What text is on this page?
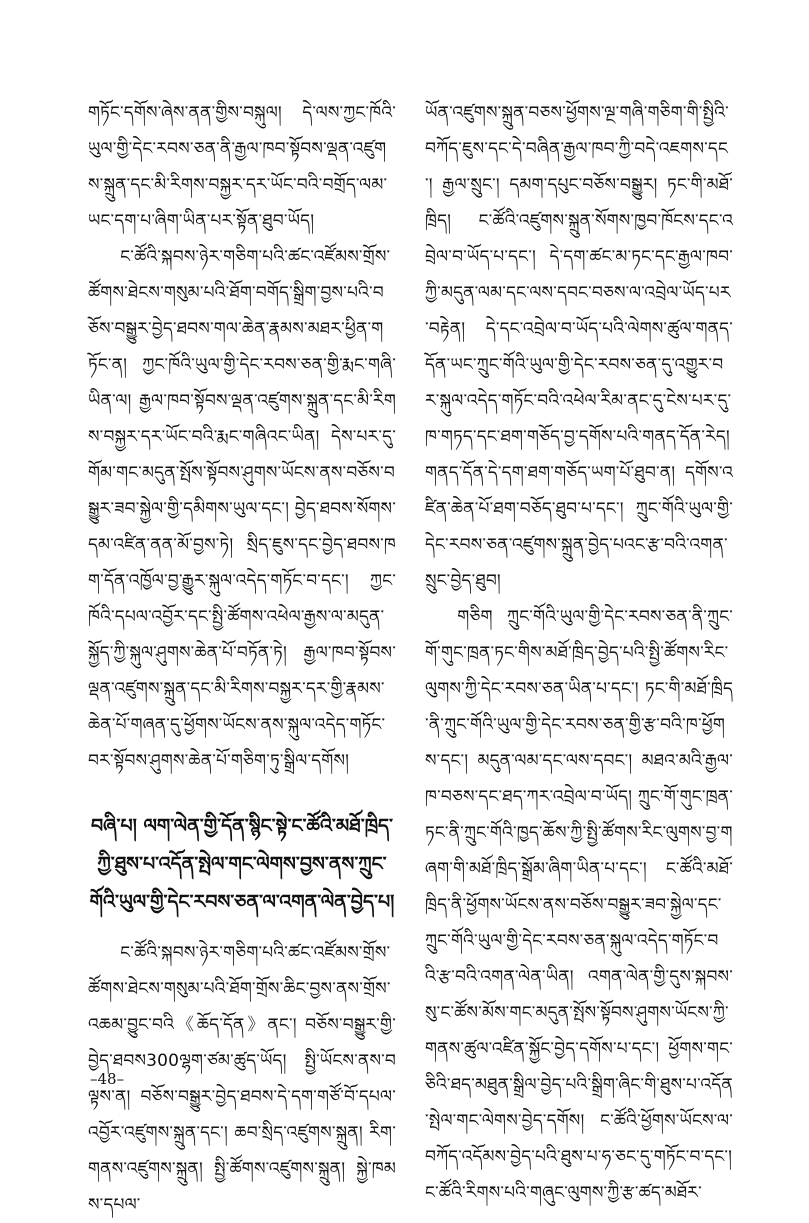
གཏོང་དགོས་ཞེས་ནན་གྱིས་བསྐུལ། དེ་ལས་ཀྱང་ཁོའི་ཡུལ་གྱི་དེང་རབས་ཅན་ནི་རྒྱལ་ཁབ་སྟོབས་ལྡན་འཛུགས་སྐྲུན་དང་མི་རིགས་བསྐྱར་དར་ཡོང་བའི་བགྲོད་ལམ་ཡང་དག་པ་ཞིག་ཡིན་པར་སྟོན་ཐུབ་ཡོད།

ང་ཚོའི་སྐབས་ཉེར་གཅིག་པའི་ཚང་འཛོམས་གྲོས་ཚོགས་ཐེངས་གསུམ་པའི་ཐོག་བགོད་སྒྲིག་བྱས་པའི་བཅོས་བསྒྱུར་བྱེད་ཐབས་གལ་ཆེན་རྣམས་མཐར་ཕྱིན་གཏོང་ན། ཀྱང་ཁོའི་ཡུལ་གྱི་དེང་རབས་ཅན་གྱི་རྨང་གཞི་ཡིན་ལ། རྒྱལ་ཁབ་སྟོབས་ལྡན་འཛུགས་སྐྲུན་དང་མི་རིགས་བསྐྱར་དར་ཡོང་བའི་རྨང་གཞིའང་ཡིན། དེས་པར་དུ་གོམ་གང་མདུན་སྤོས་སྟོབས་ཤུགས་ཡོངས་ནས་བཅོས་བསྒྱུར་ཟབ་སྐྱེལ་གྱི་དམིགས་ཡུལ་དང་། བྱེད་ཐབས་སོགས་དམ་འཛིན་ནན་མོ་བྱས་ཏེ། སྲིད་ཇུས་དང་བྱེད་ཐབས་ཁག་དོན་འཁྱོལ་བྱ་རྒྱུར་སྐུལ་འདེད་གཏོང་བ་དང་། ཀྱང་ཁོའི་དཔལ་འབྱོར་དང་སྤྱི་ཚོགས་འཕེལ་རྒྱས་ལ་མདུན་སྐྱོད་ཀྱི་སྐུལ་ཤུགས་ཆེན་པོ་བཏོན་ཏེ། རྒྱལ་ཁབ་སྟོབས་ལྡན་འཛུགས་སྐྲུན་དང་མི་རིགས་བསྐྱར་དར་གྱི་རྣམས་ཆེན་པོ་གཞན་དུ་ཕྱོགས་ཡོངས་ནས་སྐུལ་འདེད་གཏོང་བར་སྟོབས་ཤུགས་ཆེན་པོ་གཅིག་ཏུ་སྒྲིལ་དགོས།

བཞི་པ། ལག་ལེན་གྱི་དོན་སྙིང་སྟེ་ང་ཚོའི་མཐོ་ཁྲིད་ཀྱི་ཐུས་པ་འདོན་སྤེལ་གང་ལེགས་བྱས་ནས་ཀྲུང་གོའི་ཡུལ་གྱི་དེང་རབས་ཅན་ལ་འགན་ལེན་བྱེད་པ།

ང་ཚོའི་སྐབས་ཉེར་གཅིག་པའི་ཚང་འཛོམས་གྲོས་ཚོགས་ཐེངས་གསུམ་པའི་ཐོག་གྲོས་ཆིང་བྱས་ནས་གྲོས་འཆམ་བྱུང་བའི《ཆོད་དོན》ནང་། བཅོས་བསྒྱུར་གྱི་བྱེད་ཐབས300ལྷག་ཙམ་ཚུད་ཡོད། སྤྱི་ཡོངས་ནས་བལྟས་ན། བཅོས་བསྒྱུར་བྱེད་ཐབས་དེ་དག་གཙོ་བོ་དཔལ་འབྱོར་འཛུགས་སྐྲུན་དང་། ཆབ་སྲིད་འཛུགས་སྐྲུན། རིག་གནས་འཛུགས་སྐྲུན། སྤྱི་ཚོགས་འཛུགས་སྐྲུན། སྐྱེ་ཁམས་དཔལ་

ཡོན་འཛུགས་སྐྲུན་བཅས་ཕྱོགས་ལྔ་གཞི་གཅིག་གི་སྤྱིའི་བཀོད་ཇུས་དང་དེ་བཞིན་རྒྱལ་ཁབ་ཀྱི་བདེ་འཇགས་དང་། རྒྱལ་སྲུང་། དམག་དཔུང་བཅོས་བསྒྱུར། ཏང་གི་མཐོ་ཁྲིད། ང་ཚོའི་འཛུགས་སྐྲུན་སོགས་ཁྱབ་ཁོངས་དང་འབྲེལ་བ་ཡོད་པ་དང་། དེ་དག་ཚང་མ་ཏང་དང་རྒྱལ་ཁབ་ཀྱི་མདུན་ལམ་དང་ལས་དབང་བཅས་ལ་འབྲེལ་ཡོད་པར་བརྟེན། དེ་དང་འབྲེལ་བ་ཡོད་པའི་ལེགས་ཚུལ་གནད་དོན་ཡང་ཀྲུང་གོའི་ཡུལ་གྱི་དེང་རབས་ཅན་དུ་འགྱུར་བར་སྐུལ་འདེད་གཏོང་བའི་འཕེལ་རིམ་ནང་དུ་ངེས་པར་དུ་ཁ་གཏད་དང་ཐག་གཅོད་བྱ་དགོས་པའི་གནད་དོན་རེད། གནད་དོན་དེ་དག་ཐག་གཅོད་ཡག་པོ་ཐུབ་ན། དགོས་འཛིན་ཆེན་པོ་ཐག་བཅོད་ཐུབ་པ་དང་། ཀྲུང་གོའི་ཡུལ་གྱི་དེང་རབས་ཅན་འཛུགས་སྐྲུན་བྱེད་པའང་རྩ་བའི་འགན་སྲུང་བྱེད་ཐུབ།

གཅིག ཀྲུང་གོའི་ཡུལ་གྱི་དེང་རབས་ཅན་ནི་ཀྲུང་གོ་གུང་ཁྲན་ཏང་གིས་མཐོ་ཁྲིད་བྱེད་པའི་སྤྱི་ཚོགས་རིང་ལུགས་ཀྱི་དེང་རབས་ཅན་ཡིན་པ་དང་། ཏང་གི་མཐོ་ཁྲིད་ནི་ཀྲུང་གོའི་ཡུལ་གྱི་དེང་རབས་ཅན་གྱི་རྩ་བའི་ཁ་ཕྱོགས་དང་། མདུན་ལམ་དང་ལས་དབང་། མཐའ་མའི་རྒྱལ་ཁ་བཅས་དང་ཐད་ཀར་འབྲེལ་བ་ཡོད། ཀྲུང་གོ་གུང་ཁྲན་ཏང་ནི་ཀྲུང་གོའི་ཁྱད་ཆོས་ཀྱི་སྤྱི་ཚོགས་རིང་ལུགས་བྱ་གཞག་གི་མཐོ་ཁྲིད་སྒྲོམ་ཞིག་ཡིན་པ་དང་། ང་ཚོའི་མཐོ་ཁྲིད་ནི་ཕྱོགས་ཡོངས་ནས་བཅོས་བསྒྱུར་ཟབ་སྐྱེལ་དང་ཀྲུང་གོའི་ཡུལ་གྱི་དེང་རབས་ཅན་སྐུལ་འདེད་གཏོང་བའི་རྩ་བའི་འགན་ལེན་ཡིན། འགན་ལེན་གྱི་དུས་སྐབས་སུ་ང་ཚོས་མོས་གང་མདུན་སྤོས་སྟོབས་ཤུགས་ཡོངས་ཀྱི་གནས་ཚུལ་འཛིན་སྐྱོང་བྱེད་དགོས་པ་དང་། ཕྱོགས་གང་ཅིའི་ཐད་མཐུན་སྒྲིལ་བྱེད་པའི་སྒྲིག་ཞིང་གི་ཐུས་པ་འདོན་སྤེལ་གང་ལེགས་བྱེད་དགོས། ང་ཚོའི་ཕྱོགས་ཡོངས་ལ་བཀོད་འདོམས་བྱེད་པའི་ཐུས་པ་ཧ་ཅང་དུ་གཏོང་བ་དང་། ང་ཚོའི་རིགས་པའི་གཞུང་ལུགས་ཀྱི་རྩ་ཚད་མཐོར་

–48–
